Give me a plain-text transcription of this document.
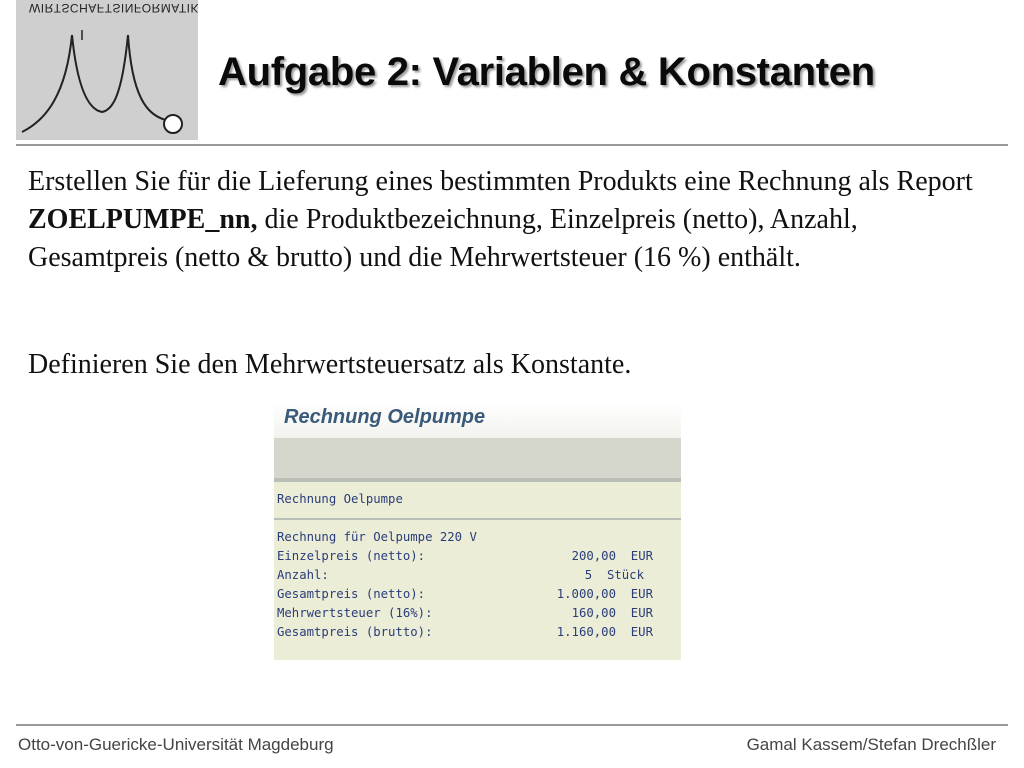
WIRTSCHAFTSINFORMATIK
Aufgabe 2: Variablen & Konstanten

Erstellen Sie für die Lieferung eines bestimmten Produkts eine Rechnung als Report ZOELPUMPE_nn, die Produktbezeichnung, Einzelpreis (netto), Anzahl, Gesamtpreis (netto & brutto) und die Mehrwertsteuer (16 %) enthält.

Definieren Sie den Mehrwertsteuersatz als Konstante.

Rechnung Oelpumpe
Rechnung Oelpumpe
Rechnung für Oelpumpe 220 V
Einzelpreis (netto):	200,00  EUR
Anzahl:	5  Stück
Gesamtpreis (netto):	1.000,00  EUR
Mehrwertsteuer (16%):	160,00  EUR
Gesamtpreis (brutto):	1.160,00  EUR
Otto-von-Guericke-Universität Magdeburg	Gamal Kassem/Stefan Drechßler
